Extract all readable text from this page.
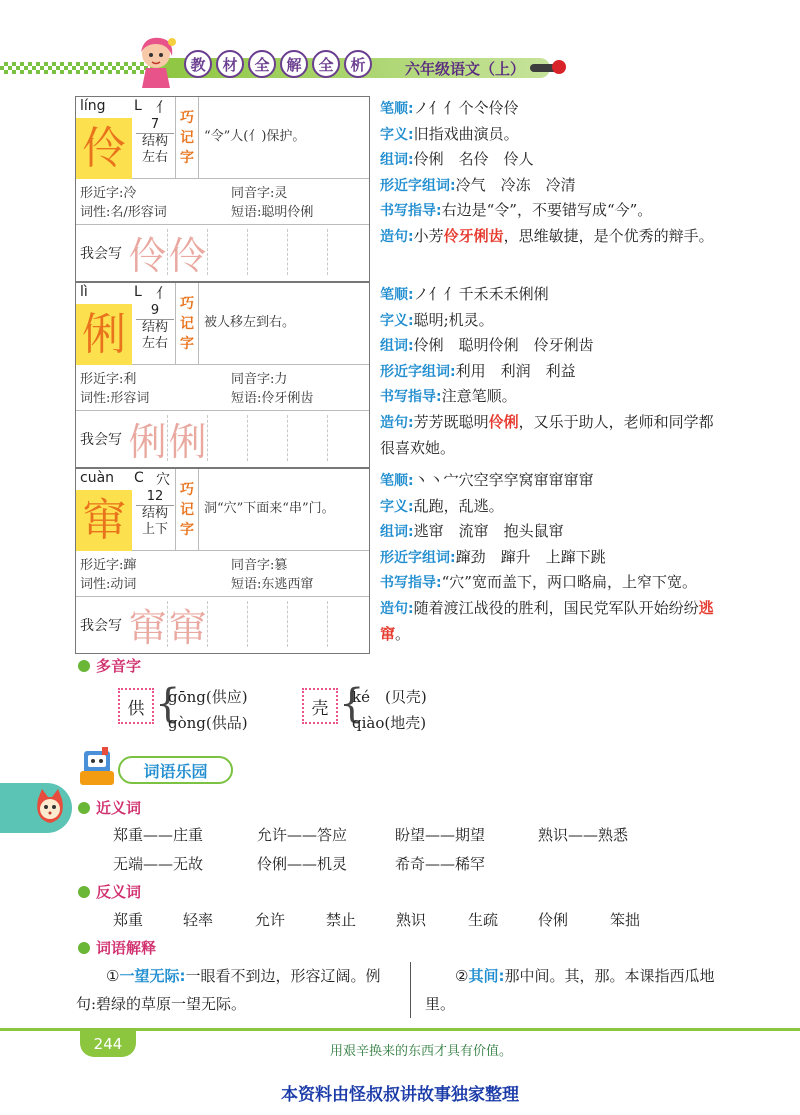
教	材	全	解	全	析	六年级语文（上）
líng L 亻
伶	7
结构
左右
巧
记
字
“令”人(亻)保护。
形近字:冷	同音字:灵
词性:名/形容词	短语:聪明伶俐
我会写 伶 伶
笔顺:ノ亻亻个仒伶伶
字义:旧指戏曲演员。
组词:伶俐　名伶　伶人
形近字组词:冷气　冷冻　冷清
书写指导:右边是“令”，不要错写成“今”。
造句:小芳伶牙俐齿，思维敏捷，是个优秀的辩手。
lì	L 亻
俐	9
结构
左右
巧
记
字
被人移左到右。
形近字:利	同音字:力
词性:形容词	短语:伶牙俐齿
我会写 俐 俐
笔顺:ノ亻亻千禾禾禾俐俐
字义:聪明;机灵。
组词:伶俐　聪明伶俐　伶牙俐齿
形近字组词:利用　利润　利益
书写指导:注意笔顺。
造句:芳芳既聪明伶俐，又乐于助人，老师和同学都很喜欢她。
cuàn C 穴
窜	12
结构
上下
巧
记
字
洞“穴”下面来“串”门。
形近字:蹿	同音字:篡
词性:动词	短语:东逃西窜
我会写 窜 窜
笔顺:丶丶宀穴空穻穻窝窜窜窜窜
字义:乱跑，乱逃。
组词:逃窜　流窜　抱头鼠窜
形近字组词:蹿劲　蹿升　上蹿下跳
书写指导:“穴”宽而盖下，两口略扁，上窄下宽。
造句:随着渡江战役的胜利，国民党军队开始纷纷逃窜。
多音字
供 {
gōng(供应)
gòng(供品)
壳 {
ké　(贝壳)
qiào(地壳)
词语乐园
近义词
郑重——庄重	允许——答应	盼望——期望	熟识——熟悉
无端——无故	伶俐——机灵	希奇——稀罕
反义词
郑重	轻率	允许	禁止	熟识	生疏	伶俐	笨拙
词语解释
①一望无际:一眼看不到边，形容辽阔。例句:碧绿的草原一望无际。
②其间:那中间。其，那。本课指西瓜地里。
244	用艰辛换来的东西才具有价值。
本资料由怪叔叔讲故事独家整理
